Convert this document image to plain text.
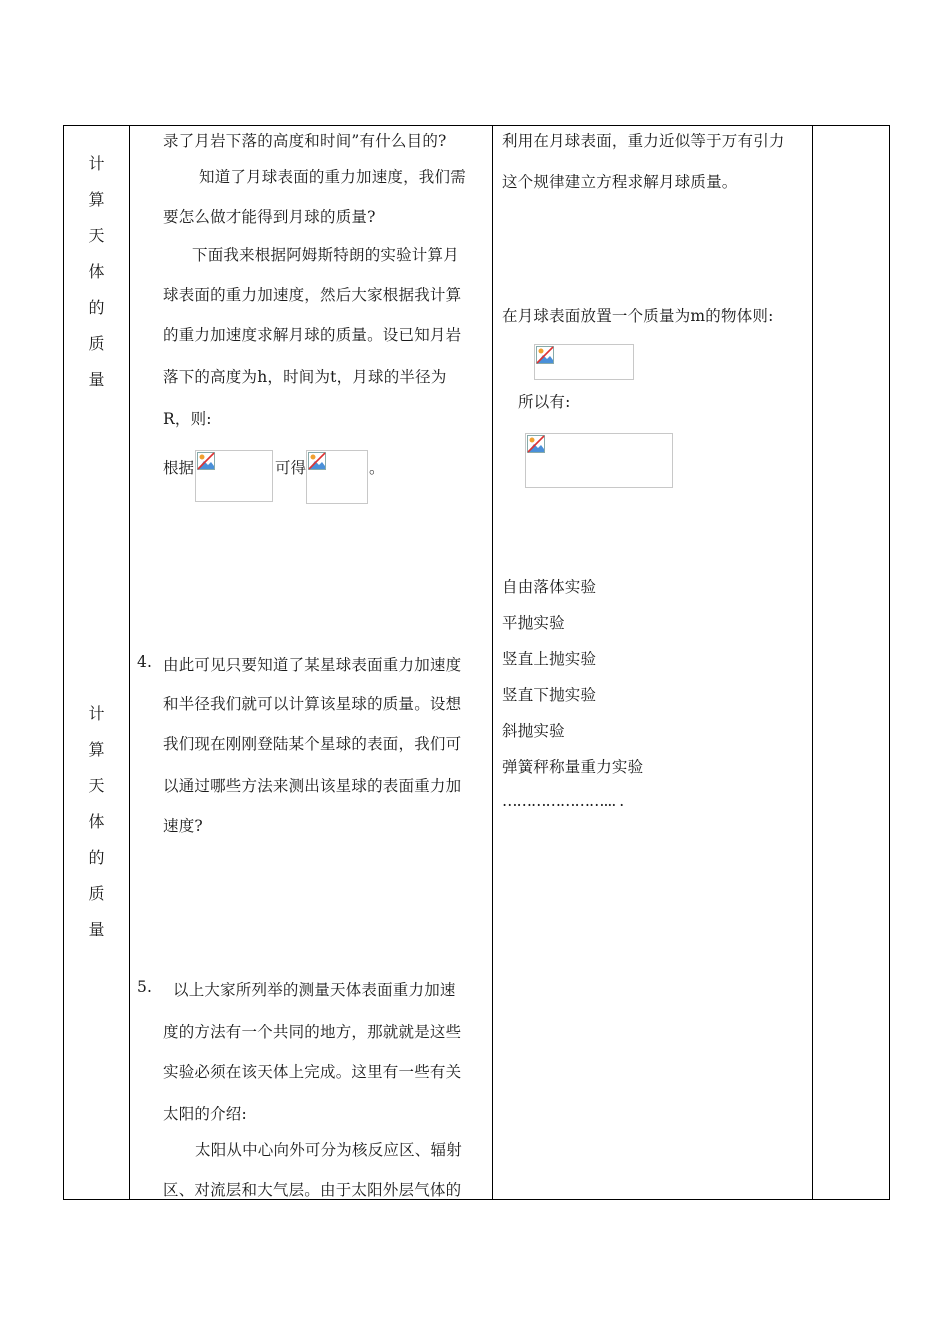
计
算
天
体
的
质
量
计
算
天
体
的
质
量
录了月岩下落的高度和时间”有什么目的?
知道了月球表面的重力加速度，我们需
要怎么做才能得到月球的质量?
下面我来根据阿姆斯特朗的实验计算月
球表面的重力加速度，然后大家根据我计算
的重力加速度求解月球的质量。设已知月岩
落下的高度为h，时间为t，月球的半径为
R，则:
根据	可得	。
4. 由此可见只要知道了某星球表面重力加速度
和半径我们就可以计算该星球的质量。设想
我们现在刚刚登陆某个星球的表面，我们可
以通过哪些方法来测出该星球的表面重力加
速度?
5. 以上大家所列举的测量天体表面重力加速
度的方法有一个共同的地方，那就就是这些
实验必须在该天体上完成。这里有一些有关
太阳的介绍:
太阳从中心向外可分为核反应区、辐射
区、对流层和大气层。由于太阳外层气体的
利用在月球表面，重力近似等于万有引力
这个规律建立方程求解月球质量。
在月球表面放置一个质量为m的物体则:
所以有:
自由落体实验
平抛实验
竖直上抛实验
竖直下抛实验
斜抛实验
弹簧秤称量重力实验
…………………... .
